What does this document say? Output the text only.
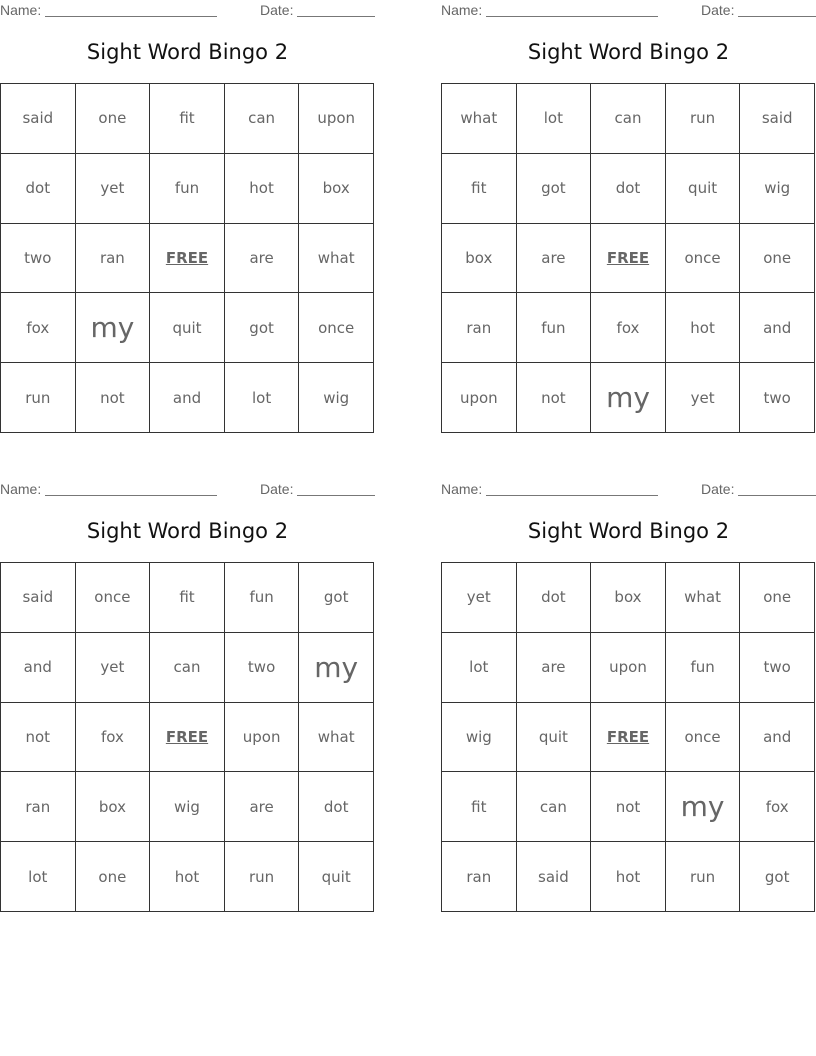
Name:	Date:
Sight Word Bingo 2
said	one	fit	can	upon
dot	yet	fun	hot	box
two	ran	FREE	are	what
fox	my	quit	got	once
run	not	and	lot	wig
Name:	Date:
Sight Word Bingo 2
what	lot	can	run	said
fit	got	dot	quit	wig
box	are	FREE	once	one
ran	fun	fox	hot	and
upon	not	my	yet	two
Name:	Date:
Sight Word Bingo 2
said	once	fit	fun	got
and	yet	can	two	my
not	fox	FREE	upon	what
ran	box	wig	are	dot
lot	one	hot	run	quit
Name:	Date:
Sight Word Bingo 2
yet	dot	box	what	one
lot	are	upon	fun	two
wig	quit	FREE	once	and
fit	can	not	my	fox
ran	said	hot	run	got
